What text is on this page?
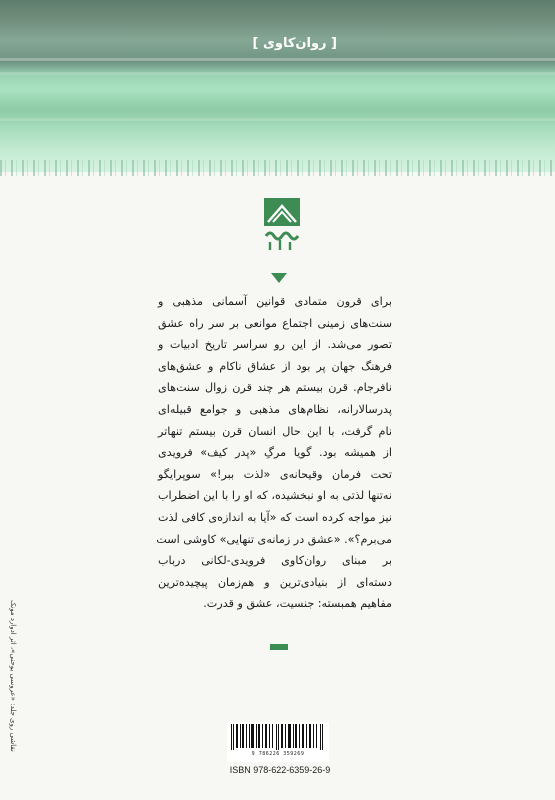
[ روان‌کاوی ]
برای قرون متمادی قوانین آسمانی مذهبی و
سنت‌های زمینی اجتماع موانعی بر سر راه عشق
تصور می‌شد. از این رو سراسر تاریخ ادبیات و
فرهنگ جهان پر بود از عشاق ناکام و عشق‌های
نافرجام. قرن بیستم هر چند قرن زوال سنت‌های
پدرسالارانه، نظام‌های مذهبی و جوامع قبیله‌ای
نام گرفت، با این حال انسان قرن بیستم تنهاتر
از همیشه بود. گویا مرگِ «پدر کیف» فرویدی
تحت فرمان وقیحانه‌ی «لذت ببر!» سوپرایگو
نه‌تنها لذتی به او نبخشیده، که او را با این اضطراب
نیز مواجه کرده است که «آیا به اندازه‌ی کافی لذت
می‌برم؟». «عشق در زمانه‌ی تنهایی» کاوشی است
بر مبنای روان‌کاوی فرویدی-لکانی درباب
دسته‌ای از بنیادی‌ترین و هم‌زمان پیچیده‌ترین
مفاهیم همبسته: جنسیت، عشق و قدرت.
9 786226 359269
ISBN 978-622-6359-26-9
نقاشی روی جلد: «عروسی یوحنی»، اثر ادوارد مونک
